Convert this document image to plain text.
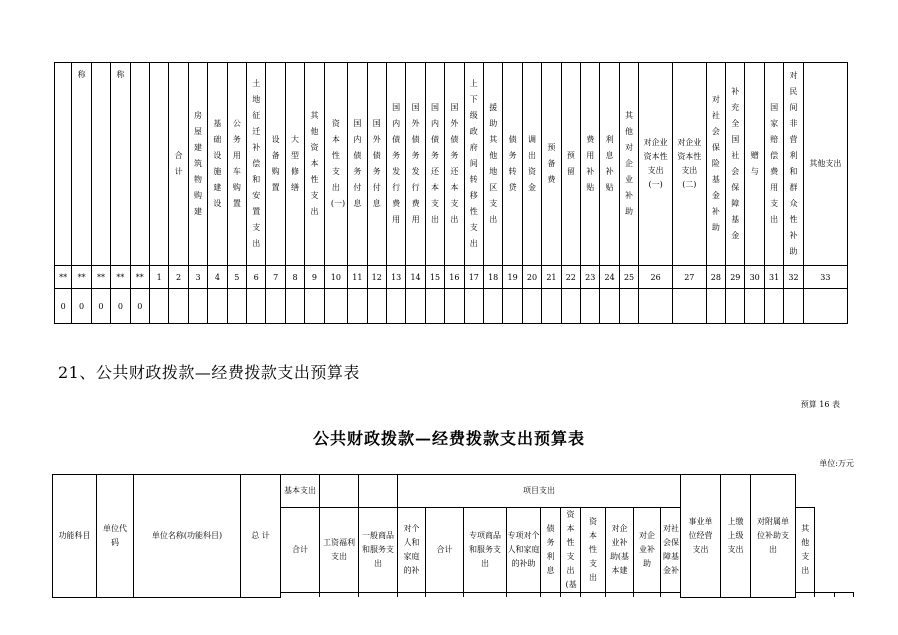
	称		称			合计	房屋建筑物购建	基础设施建设	公务用车购置	土地征迁补偿和安置支出	设备购置	大型修缮	其他资本性支出	资本性支出(一)	国内债务付息	国外债务付息	国内债务发行费用	国外债务发行费用	国内债务还本支出	国外债务还本支出	上下级政府间转移性支出	援助其他地区支出	债务转贷	调出资金	预备费	预留	费用补贴	利息补贴	其他对企业补助	对企业资本性支出(一)	对企业资本性支出(二)	对社会保险基金补助	补充全国社会保障基金	赠与	国家赔偿费用支出	对民间非营利和群众性补助	其他支出
**	**	**	**	**	1	2	3	4	5	6	7	8	9	10	11	12	13	14	15	16	17	18	19	20	21	22	23	24	25	26	27	28	29	30	31	32	33
0	0	0	0	0																																	
21、公共财政拨款—经费拨款支出预算表
预算 16 表
公共财政拨款—经费拨款支出预算表
单位:万元
功能科目	单位代码	单位名称(功能科目)	总 计	基本支出			项目支出										事业单位经营支出	上缴上级支出	对附属单位补助支出			
				合计	工资福利支出	一般商品和服务支出	对个人和家庭的补	合计	专项商品和服务支出	专项对个人和家庭的补助	债务利息	资本性支出(基	资本性支出	对企业补助(基本建	对企业补助	对社会保障基金补				其他支出		
